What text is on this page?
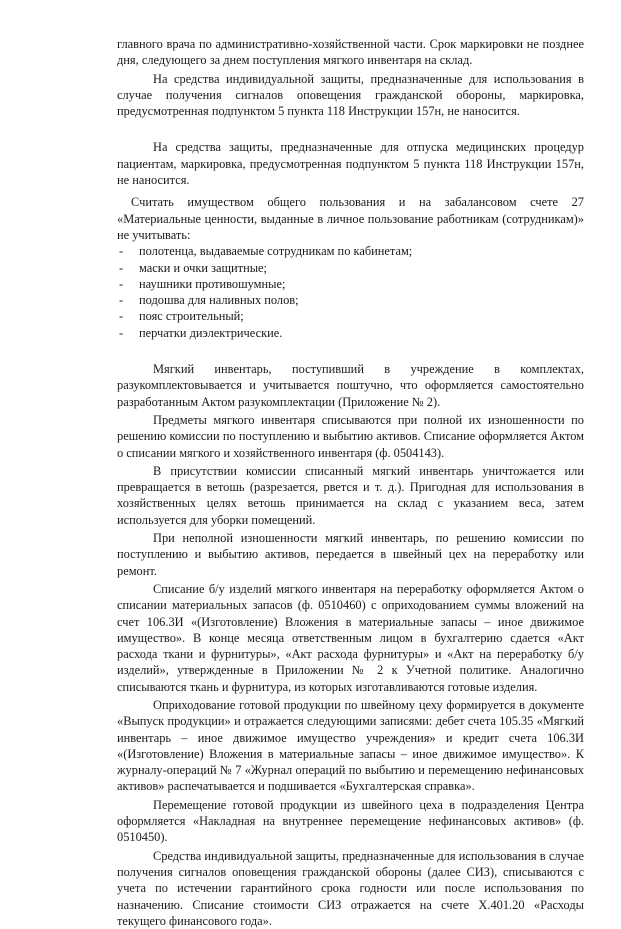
главного врача по административно-хозяйственной части. Срок маркировки не позднее дня, следующего за днем поступления мягкого инвентаря на склад.

На средства индивидуальной защиты, предназначенные для использования в случае получения сигналов оповещения гражданской обороны, маркировка, предусмотренная подпунктом 5 пункта 118 Инструкции 157н, не наносится.

На средства защиты, предназначенные для отпуска медицинских процедур пациентам, маркировка, предусмотренная подпунктом 5 пункта 118 Инструкции 157н, не наносится.

Считать имуществом общего пользования и на забалансовом счете 27 «Материальные ценности, выданные в личное пользование работникам (сотрудникам)» не учитывать:

- полотенца, выдаваемые сотрудникам по кабинетам;
- маски и очки защитные;
- наушники противошумные;
- подошва для наливных полов;
- пояс строительный;
- перчатки диэлектрические.

Мягкий инвентарь, поступивший в учреждение в комплектах, разукомплектовывается и учитывается поштучно, что оформляется самостоятельно разработанным Актом разукомплектации (Приложение № 2).

Предметы мягкого инвентаря списываются при полной их изношенности по решению комиссии по поступлению и выбытию активов. Списание оформляется Актом о списании мягкого и хозяйственного инвентаря (ф. 0504143).

В присутствии комиссии списанный мягкий инвентарь уничтожается или превращается в ветошь (разрезается, рвется и т. д.). Пригодная для использования в хозяйственных целях ветошь принимается на склад с указанием веса, затем используется для уборки помещений.

При неполной изношенности мягкий инвентарь, по решению комиссии по поступлению и выбытию активов, передается в швейный цех на переработку или ремонт.

Списание б/у изделий мягкого инвентаря на переработку оформляется Актом о списании материальных запасов (ф. 0510460) с оприходованием суммы вложений на счет 106.3И «(Изготовление) Вложения в материальные запасы – иное движимое имущество». В конце месяца ответственным лицом в бухгалтерию сдается «Акт расхода ткани и фурнитуры», «Акт расхода фурнитуры» и «Акт на переработку б/у изделий», утвержденные в Приложении № 2 к Учетной политике. Аналогично списываются ткань и фурнитура, из которых изготавливаются готовые изделия.

Оприходование готовой продукции по швейному цеху формируется в документе «Выпуск продукции» и отражается следующими записями: дебет счета 105.35 «Мягкий инвентарь – иное движимое имущество учреждения» и кредит счета 106.3И «(Изготовление) Вложения в материальные запасы – иное движимое имущество». К журналу-операций № 7 «Журнал операций по выбытию и перемещению нефинансовых активов» распечатывается и подшивается «Бухгалтерская справка».

Перемещение готовой продукции из швейного цеха в подразделения Центра оформляется «Накладная на внутреннее перемещение нефинансовых активов» (ф. 0510450).

Средства индивидуальной защиты, предназначенные для использования в случае получения сигналов оповещения гражданской обороны (далее СИЗ), списываются с учета по истечении гарантийного срока годности или после использования по назначению. Списание стоимости СИЗ отражается на счете Х.401.20 «Расходы текущего финансового года».
